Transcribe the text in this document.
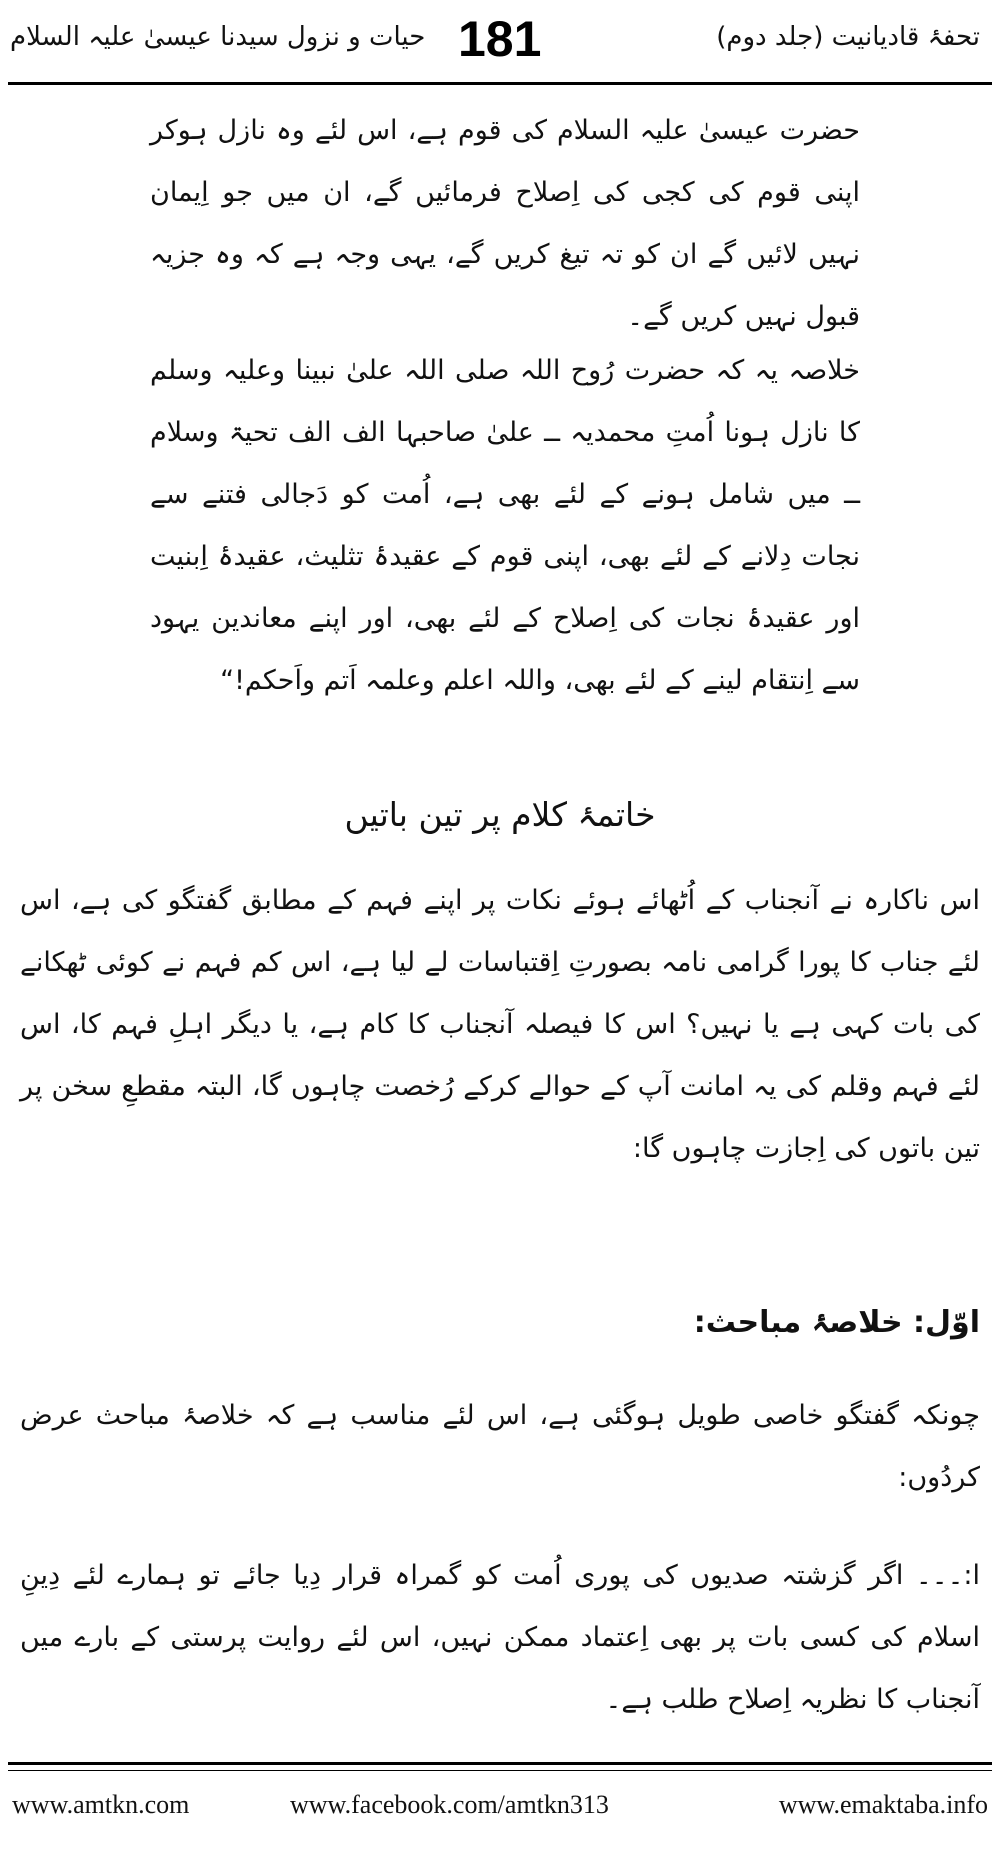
تحفۂ قادیانیت (جلد دوم)
181
حیات و نزول سیدنا عیسیٰ علیہ السلام

حضرت عیسیٰ علیہ السلام کی قوم ہے، اس لئے وہ نازل ہوکر اپنی قوم کی کجی کی اِصلاح فرمائیں گے، ان میں جو اِیمان نہیں لائیں گے ان کو تہ تیغ کریں گے، یہی وجہ ہے کہ وہ جزیہ قبول نہیں کریں گے۔

خلاصہ یہ کہ حضرت رُوح اللہ صلی اللہ علیٰ نبینا وعلیہ وسلم کا نازل ہونا اُمتِ محمدیہ ــ علیٰ صاحبہا الف الف تحیۃ وسلام ــ میں شامل ہونے کے لئے بھی ہے، اُمت کو دَجالی فتنے سے نجات دِلانے کے لئے بھی، اپنی قوم کے عقیدۂ تثلیث، عقیدۂ اِبنیت اور عقیدۂ نجات کی اِصلاح کے لئے بھی، اور اپنے معاندین یہود سے اِنتقام لینے کے لئے بھی، واللہ اعلم وعلمہ اَتم واَحکم!“

خاتمۂ کلام پر تین باتیں

اس ناکارہ نے آنجناب کے اُٹھائے ہوئے نکات پر اپنے فہم کے مطابق گفتگو کی ہے، اس لئے جناب کا پورا گرامی نامہ بصورتِ اِقتباسات لے لیا ہے، اس کم فہم نے کوئی ٹھکانے کی بات کہی ہے یا نہیں؟ اس کا فیصلہ آنجناب کا کام ہے، یا دیگر اہلِ فہم کا، اس لئے فہم وقلم کی یہ امانت آپ کے حوالے کرکے رُخصت چاہوں گا، البتہ مقطعِ سخن پر تین باتوں کی اِجازت چاہوں گا:

اوّل: خلاصۂ مباحث:

چونکہ گفتگو خاصی طویل ہوگئی ہے، اس لئے مناسب ہے کہ خلاصۂ مباحث عرض کردُوں:

ا:۔۔۔ اگر گزشتہ صدیوں کی پوری اُمت کو گمراہ قرار دِیا جائے تو ہمارے لئے دِینِ اسلام کی کسی بات پر بھی اِعتماد ممکن نہیں، اس لئے روایت پرستی کے بارے میں آنجناب کا نظریہ اِصلاح طلب ہے۔

www.amtkn.com	www.facebook.com/amtkn313	www.emaktaba.info
